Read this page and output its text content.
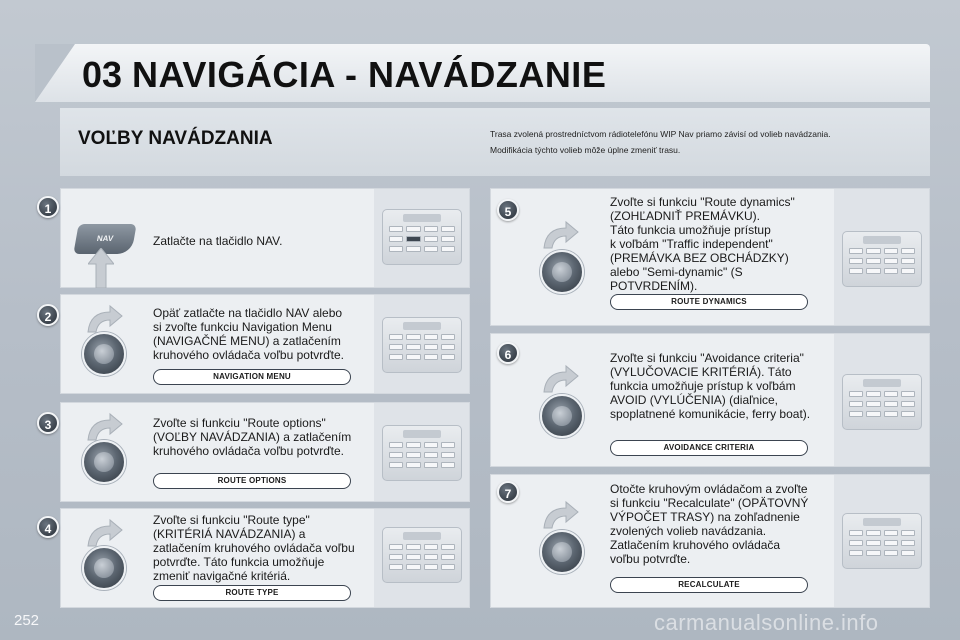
03 NAVIGÁCIA - NAVÁDZANIE
VOĽBY NAVÁDZANIA	Trasa zvolená prostredníctvom rádiotelefónu WIP Nav priamo závisí od volieb navádzania.
Modifikácia týchto volieb môže úplne zmeniť trasu.
1
NAV	Zatlačte na tlačidlo NAV.
2	Opäť zatlačte na tlačidlo NAV alebo
si zvoľte funkciu Navigation Menu
(NAVIGAČNÉ MENU) a zatlačením
kruhového ovládača voľbu potvrďte.
NAVIGATION MENU
3	Zvoľte si funkciu "Route options"
(VOĽBY NAVÁDZANIA) a zatlačením
kruhového ovládača voľbu potvrďte.
ROUTE OPTIONS
4
Zvoľte si funkciu "Route type"
(KRITÉRIÁ NAVÁDZANIA) a
zatlačením kruhového ovládača voľbu
potvrďte. Táto funkcia umožňuje
zmeniť navigačné kritériá.
ROUTE TYPE
5
Zvoľte si funkciu "Route dynamics"
(ZOHĽADNIŤ PREMÁVKU).
Táto funkcia umožňuje prístup
k voľbám "Traffic independent"
(PREMÁVKA BEZ OBCHÁDZKY)
alebo "Semi-dynamic" (S
POTVRDENÍM).
ROUTE DYNAMICS
6	Zvoľte si funkciu "Avoidance criteria"
(VYLUČOVACIE KRITÉRIÁ). Táto
funkcia umožňuje prístup k voľbám
AVOID (VYLÚČENIA) (diaľnice,
spoplatnené komunikácie, ferry boat).
AVOIDANCE CRITERIA
7	Otočte kruhovým ovládačom a zvoľte
si funkciu "Recalculate" (OPÄTOVNÝ
VÝPOČET TRASY) na zohľadnenie
zvolených volieb navádzania.
Zatlačením kruhového ovládača
voľbu potvrďte.
RECALCULATE
252	carmanualsonline.info
